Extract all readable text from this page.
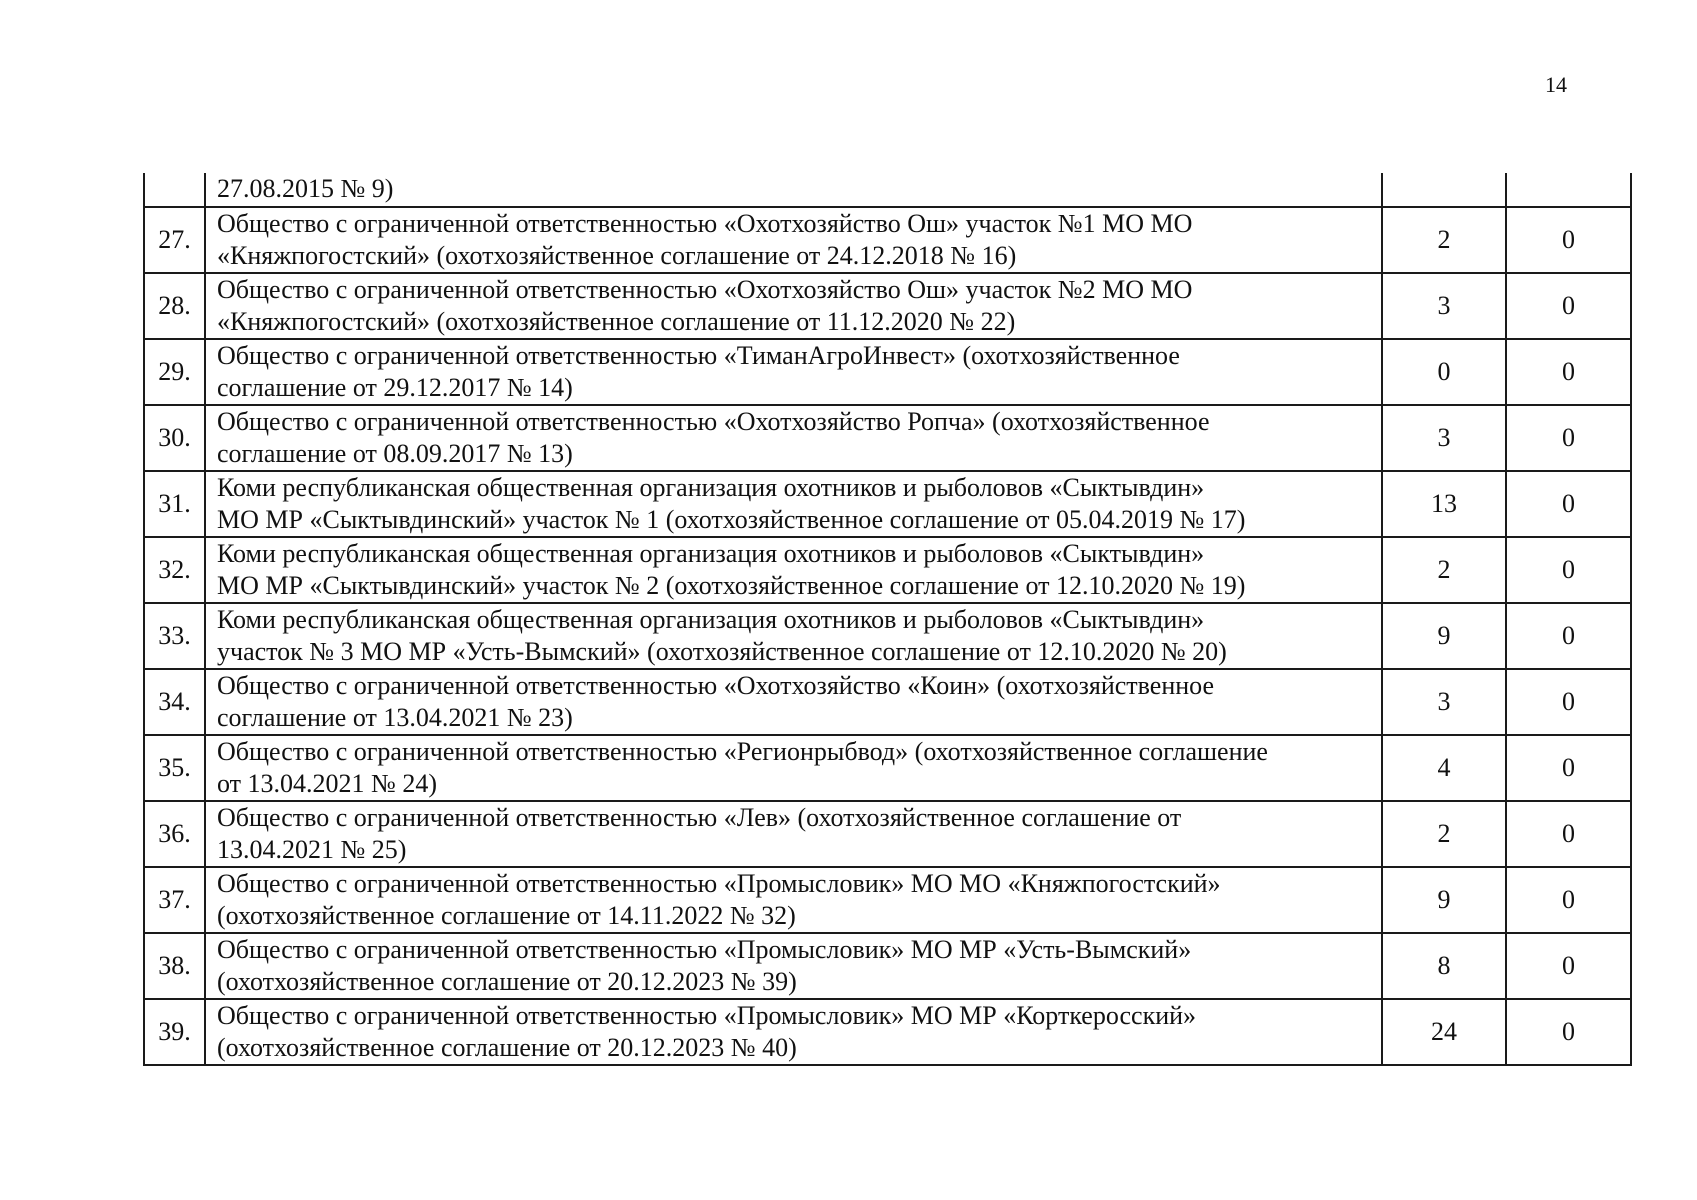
14
	27.08.2015 № 9)		
27.	Общество с ограниченной ответственностью «Охотхозяйство Ош» участок №1 МО МО
«Княжпогостский» (охотхозяйственное соглашение от 24.12.2018 № 16)	2	0
28.	Общество с ограниченной ответственностью «Охотхозяйство Ош» участок №2 МО МО
«Княжпогостский» (охотхозяйственное соглашение от 11.12.2020 № 22)	3	0
29.	Общество с ограниченной ответственностью «ТиманАгроИнвест» (охотхозяйственное
соглашение от 29.12.2017 № 14)	0	0
30.	Общество с ограниченной ответственностью «Охотхозяйство Ропча» (охотхозяйственное
соглашение от 08.09.2017 № 13)	3	0
31.	Коми республиканская общественная организация охотников и рыболовов «Сыктывдин»
МО МР «Сыктывдинский» участок № 1 (охотхозяйственное соглашение от 05.04.2019 № 17)	13	0
32.	Коми республиканская общественная организация охотников и рыболовов «Сыктывдин»
МО МР «Сыктывдинский» участок № 2 (охотхозяйственное соглашение от 12.10.2020 № 19)	2	0
33.	Коми республиканская общественная организация охотников и рыболовов «Сыктывдин»
участок № 3 МО МР «Усть-Вымский» (охотхозяйственное соглашение от 12.10.2020 № 20)	9	0
34.	Общество с ограниченной ответственностью «Охотхозяйство «Коин» (охотхозяйственное
соглашение от 13.04.2021 № 23)	3	0
35.	Общество с ограниченной ответственностью «Регионрыбвод» (охотхозяйственное соглашение
от 13.04.2021 № 24)	4	0
36.	Общество с ограниченной ответственностью «Лев» (охотхозяйственное соглашение от
13.04.2021 № 25)	2	0
37.	Общество с ограниченной ответственностью «Промысловик» МО МО «Княжпогостский»
(охотхозяйственное соглашение от 14.11.2022 № 32)	9	0
38.	Общество с ограниченной ответственностью «Промысловик» МО МР «Усть-Вымский»
(охотхозяйственное соглашение от 20.12.2023 № 39)	8	0
39.	Общество с ограниченной ответственностью «Промысловик» МО МР «Корткеросский»
(охотхозяйственное соглашение от 20.12.2023 № 40)	24	0
